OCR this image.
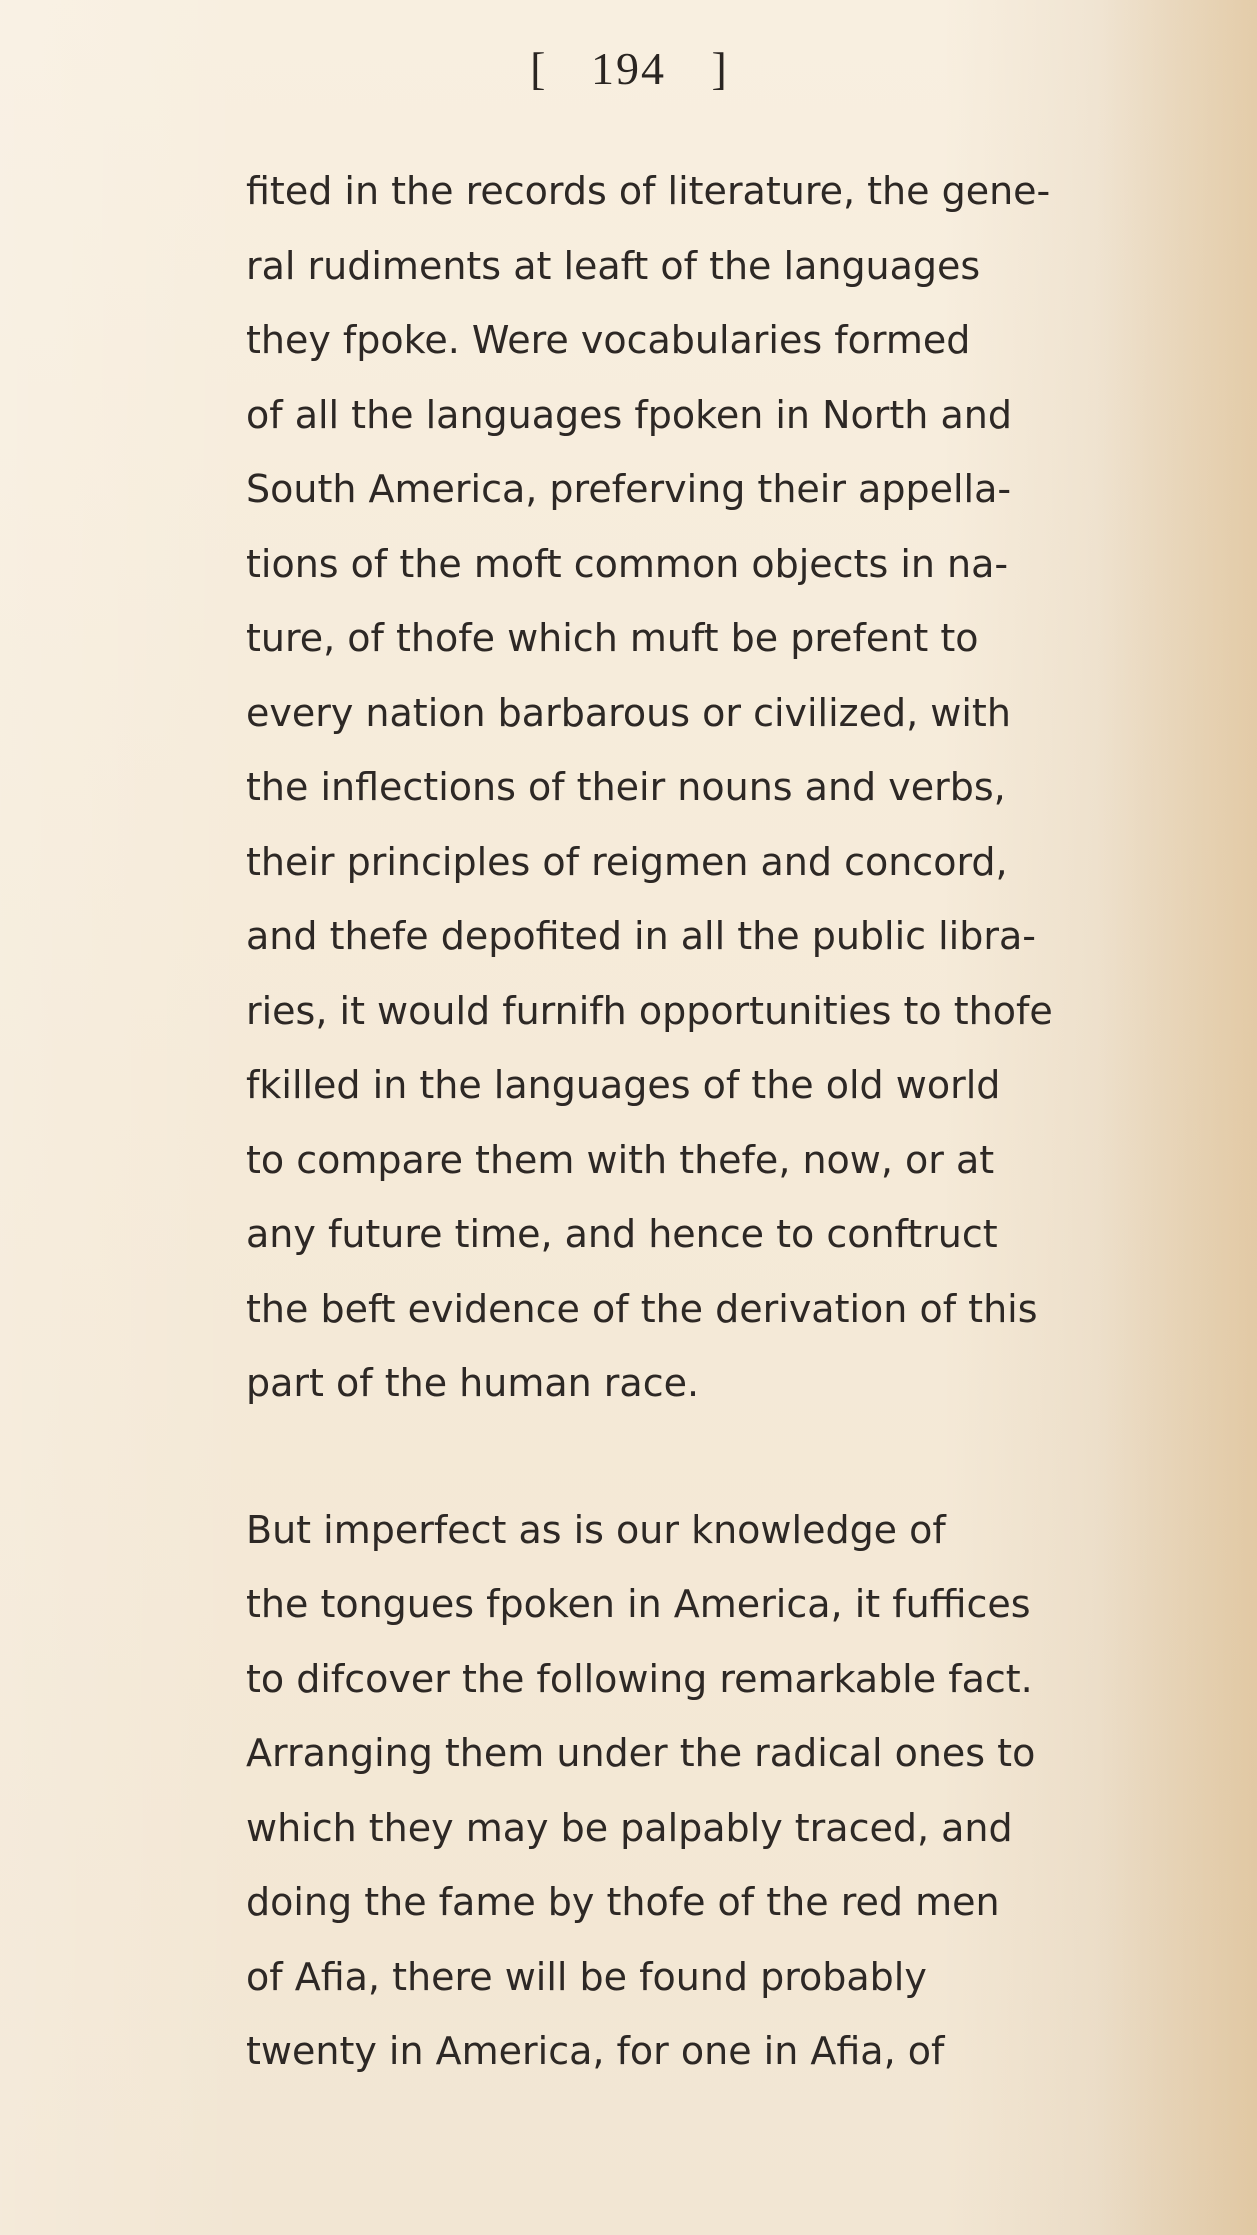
[ 194 ]
fited in the records of literature, the gene-
ral rudiments at leaft of the languages
they fpoke. Were vocabularies formed
of all the languages fpoken in North and
South America, preferving their appella-
tions of the moft common objects in na-
ture, of thofe which muft be prefent to
every nation barbarous or civilized, with
the inflections of their nouns and verbs,
their principles of reigmen and concord,
and thefe depofited in all the public libra-
ries, it would furnifh opportunities to thofe
fkilled in the languages of the old world
to compare them with thefe, now, or at
any future time, and hence to conftruct
the beft evidence of the derivation of this
part of the human race.
But imperfect as is our knowledge of
the tongues fpoken in America, it fuffices
to difcover the following remarkable fact.
Arranging them under the radical ones to
which they may be palpably traced, and
doing the fame by thofe of the red men
of Afia, there will be found probably
twenty in America, for one in Afia, of
